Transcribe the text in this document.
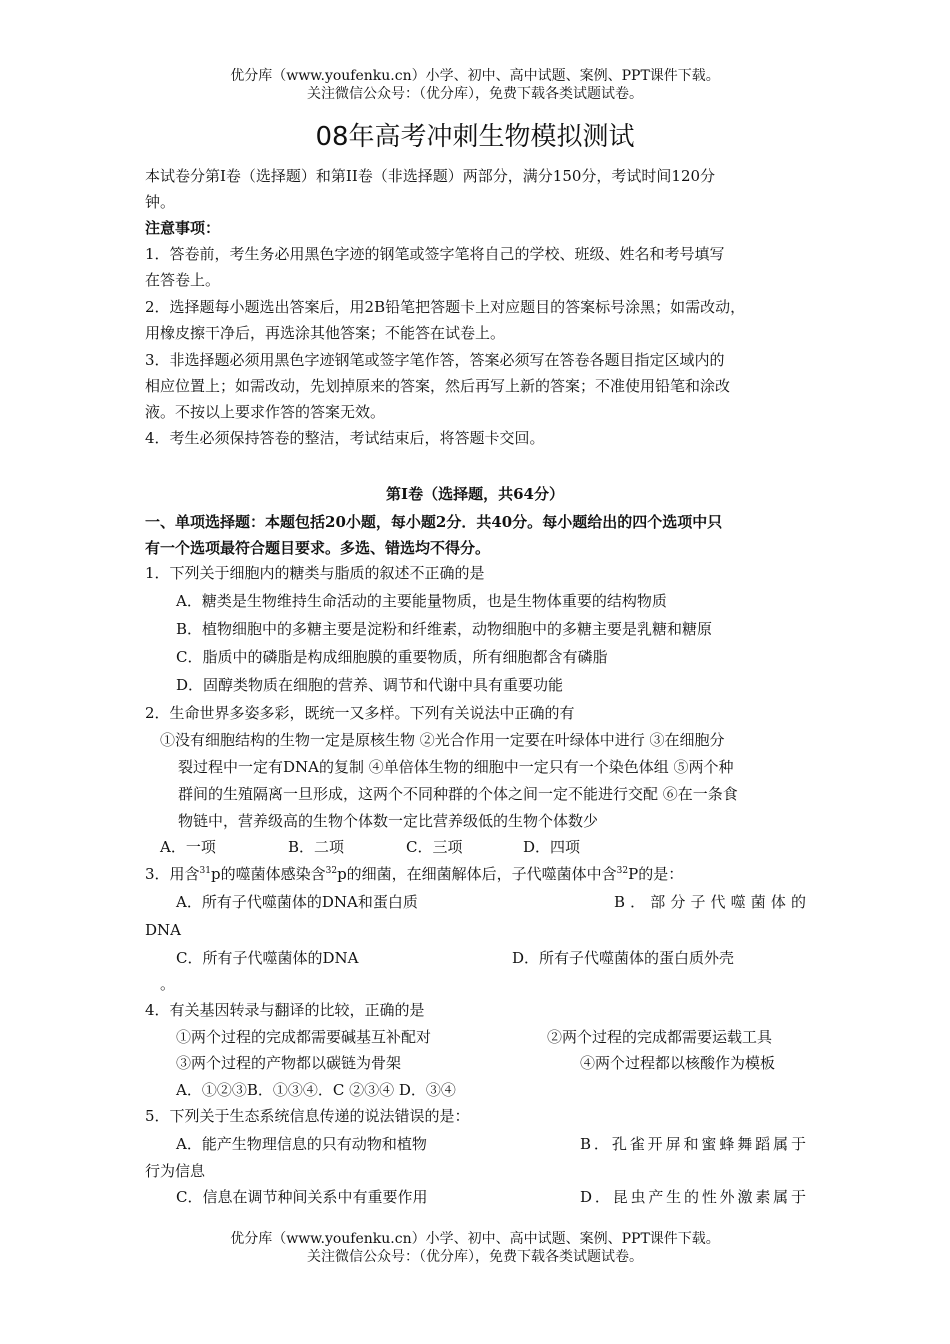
优分库（www.youfenku.cn）小学、初中、高中试题、案例、PPT课件下载。
关注微信公众号：（优分库），免费下载各类试题试卷。
08年高考冲刺生物模拟测试
本试卷分第I卷（选择题）和第II卷（非选择题）两部分，满分150分，考试时间120分
钟。
注意事项：
1．答卷前，考生务必用黑色字迹的钢笔或签字笔将自己的学校、班级、姓名和考号填写
在答卷上。
2．选择题每小题选出答案后，用2B铅笔把答题卡上对应题目的答案标号涂黑；如需改动，
用橡皮擦干净后，再选涂其他答案；不能答在试卷上。
3．非选择题必须用黑色字迹钢笔或签字笔作答，答案必须写在答卷各题目指定区域内的
相应位置上；如需改动，先划掉原来的答案，然后再写上新的答案；不准使用铅笔和涂改
液。不按以上要求作答的答案无效。
4．考生必须保持答卷的整洁，考试结束后，将答题卡交回。
第I卷（选择题，共64分）
一、单项选择题：本题包括20小题，每小题2分．共40分。每小题给出的四个选项中只
有一个选项最符合题目要求。多选、错选均不得分。
1．下列关于细胞内的糖类与脂质的叙述不正确的是
A．糖类是生物维持生命活动的主要能量物质，也是生物体重要的结构物质
B．植物细胞中的多糖主要是淀粉和纤维素，动物细胞中的多糖主要是乳糖和糖原
C．脂质中的磷脂是构成细胞膜的重要物质，所有细胞都含有磷脂
D．固醇类物质在细胞的营养、调节和代谢中具有重要功能
2．生命世界多姿多彩，既统一又多样。下列有关说法中正确的有
①没有细胞结构的生物一定是原核生物 ②光合作用一定要在叶绿体中进行 ③在细胞分
裂过程中一定有DNA的复制 ④单倍体生物的细胞中一定只有一个染色体组 ⑤两个种
群间的生殖隔离一旦形成，这两个不同种群的个体之间一定不能进行交配 ⑥在一条食
物链中，营养级高的生物个体数一定比营养级低的生物个体数少
A．一项	B．二项	C．三项	D．四项
3．用含$^{31}$p的噬菌体感染含$^{32}$p的细菌，在细菌解体后，子代噬菌体中含$^{32}$P的是：
A．所有子代噬菌体的DNA和蛋白质	B．部分子代噬菌体的
DNA
C．所有子代噬菌体的DNA	D．所有子代噬菌体的蛋白质外壳
。
4．有关基因转录与翻译的比较，正确的是
①两个过程的完成都需要碱基互补配对	②两个过程的完成都需要运载工具
③两个过程的产物都以碳链为骨架	④两个过程都以核酸作为模板
A．①②③B．①③④．C ②③④ D．③④
5．下列关于生态系统信息传递的说法错误的是：
A．能产生物理信息的只有动物和植物	B．孔雀开屏和蜜蜂舞蹈属于
行为信息
C．信息在调节种间关系中有重要作用	D．昆虫产生的性外激素属于
优分库（www.youfenku.cn）小学、初中、高中试题、案例、PPT课件下载。
关注微信公众号：（优分库），免费下载各类试题试卷。
